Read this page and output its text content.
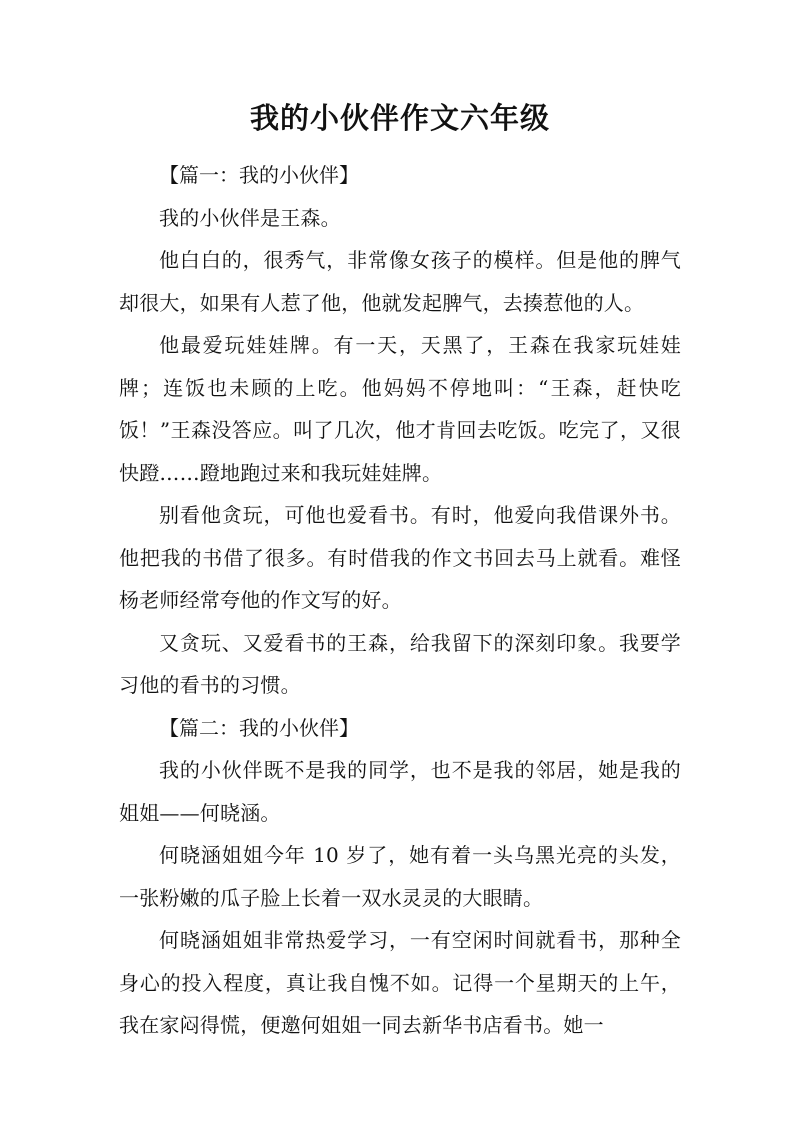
我的小伙伴作文六年级

【篇一：我的小伙伴】

我的小伙伴是王森。

他白白的，很秀气，非常像女孩子的模样。但是他的脾气却很大，如果有人惹了他，他就发起脾气，去揍惹他的人。

他最爱玩娃娃牌。有一天，天黑了，王森在我家玩娃娃牌；连饭也未顾的上吃。他妈妈不停地叫：“王森，赶快吃饭！”王森没答应。叫了几次，他才肯回去吃饭。吃完了，又很快蹬……蹬地跑过来和我玩娃娃牌。

别看他贪玩，可他也爱看书。有时，他爱向我借课外书。他把我的书借了很多。有时借我的作文书回去马上就看。难怪杨老师经常夸他的作文写的好。

又贪玩、又爱看书的王森，给我留下的深刻印象。我要学习他的看书的习惯。

【篇二：我的小伙伴】

我的小伙伴既不是我的同学，也不是我的邻居，她是我的姐姐——何晓涵。

何晓涵姐姐今年 10 岁了，她有着一头乌黑光亮的头发，一张粉嫩的瓜子脸上长着一双水灵灵的大眼睛。

何晓涵姐姐非常热爱学习，一有空闲时间就看书，那种全身心的投入程度，真让我自愧不如。记得一个星期天的上午，我在家闷得慌，便邀何姐姐一同去新华书店看书。她一
